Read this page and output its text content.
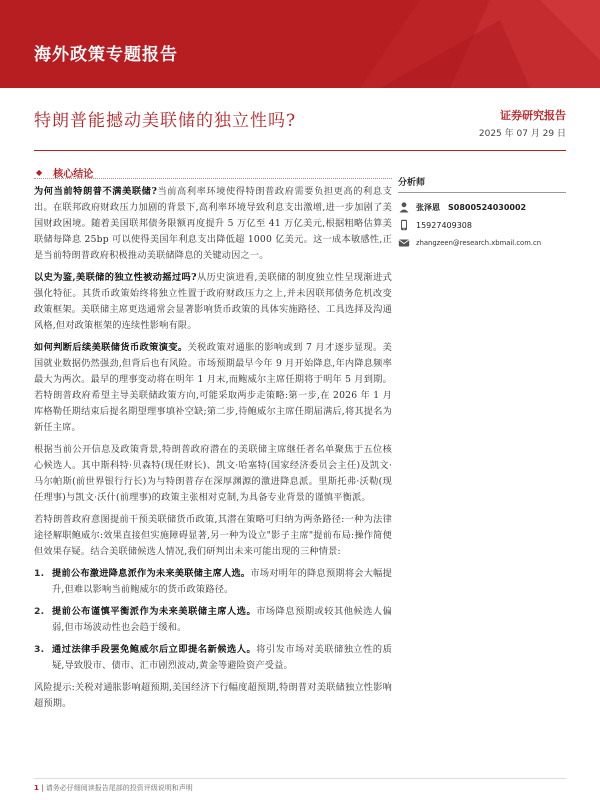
海外政策专题报告
特朗普能撼动美联储的独立性吗?	证券研究报告
2025 年 07 月 29 日
◆ 核心结论

为何当前特朗普不满美联储?当前高利率环境使得特朗普政府需要负担更高的利息支出。在联邦政府财政压力加剧的背景下,高利率环境导致利息支出激增,进一步加剧了美国财政困境。随着美国联邦债务限额再度提升 5 万亿至 41 万亿美元,根据粗略估算美联储每降息 25bp 可以使得美国年利息支出降低超 1000 亿美元。这一成本敏感性,正是当前特朗普政府积极推动美联储降息的关键动因之一。

以史为鉴,美联储的独立性被动摇过吗?从历史演进看,美联储的制度独立性呈现渐进式强化特征。其货币政策始终将独立性置于政府财政压力之上,并未因联邦债务危机改变政策框架。美联储主席更迭通常会显著影响货币政策的具体实施路径、工具选择及沟通风格,但对政策框架的连续性影响有限。

如何判断后续美联储货币政策演变。关税政策对通胀的影响或到 7 月才逐步显现。美国就业数据仍然强劲,但背后也有风险。市场预期最早今年 9 月开始降息,年内降息频率最大为两次。最早的理事变动将在明年 1 月末,而鲍威尔主席任期将于明年 5 月到期。若特朗普政府希望主导美联储政策方向,可能采取两步走策略:第一步,在 2026 年 1 月库格勒任期结束后提名期望理事填补空缺;第二步,待鲍威尔主席任期届满后,将其提名为新任主席。

根据当前公开信息及政策背景,特朗普政府潜在的美联储主席继任者名单聚焦于五位核心候选人。其中斯科特·贝森特(现任财长)、凯文·哈塞特(国家经济委员会主任)及凯文·马尔帕斯(前世界银行行长)为与特朗普存在深厚渊源的激进降息派。里斯托弗·沃勒(现任理事)与凯文·沃什(前理事)的政策主张相对克制,为具备专业背景的谨慎平衡派。

若特朗普政府意图提前干预美联储货币政策,其潜在策略可归纳为两条路径:一种为法律途径解职鲍威尔:效果直接但实施障碍显著,另一种为设立"影子主席"提前布局:操作简便但效果存疑。结合美联储候选人情况,我们研判出未来可能出现的三种情景:

1. 提前公布激进降息派作为未来美联储主席人选。市场对明年的降息预期将会大幅提升,但难以影响当前鲍威尔的货币政策路径。
2. 提前公布谨慎平衡派作为未来美联储主席人选。市场降息预期或较其他候选人偏弱,但市场波动性也会趋于缓和。
3. 通过法律手段罢免鲍威尔后立即提名新候选人。将引发市场对美联储独立性的质疑,导致股市、债市、汇市剧烈波动,黄金等避险资产受益。

风险提示:关税对通胀影响超预期,美国经济下行幅度超预期,特朗普对美联储独立性影响超预期。

分析师
张泽恩 S0800524030002
15927409308
zhangzeen@research.xbmail.com.cn
1 | 请务必仔细阅读报告尾部的投资评级说明和声明
